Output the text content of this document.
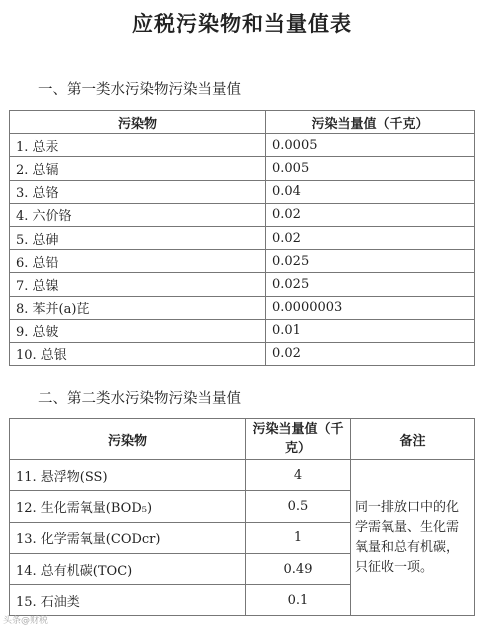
应税污染物和当量值表
一、第一类水污染物污染当量值
污染物	污染当量值（千克）
1. 总汞	0.0005
2. 总镉	0.005
3. 总铬	0.04
4. 六价铬	0.02
5. 总砷	0.02
6. 总铅	0.025
7. 总镍	0.025
8. 苯并(a)芘	0.0000003
9. 总铍	0.01
10. 总银	0.02
二、第二类水污染物污染当量值
污染物	污染当量值（千克）	备注
11. 悬浮物(SS)	4	同一排放口中的化学需氧量、生化需氧量和总有机碳，只征收一项。
12. 生化需氧量(BOD₅)	0.5	
13. 化学需氧量(CODcr)	1	
14. 总有机碳(TOC)	0.49	
15. 石油类	0.1	
头条@财税
